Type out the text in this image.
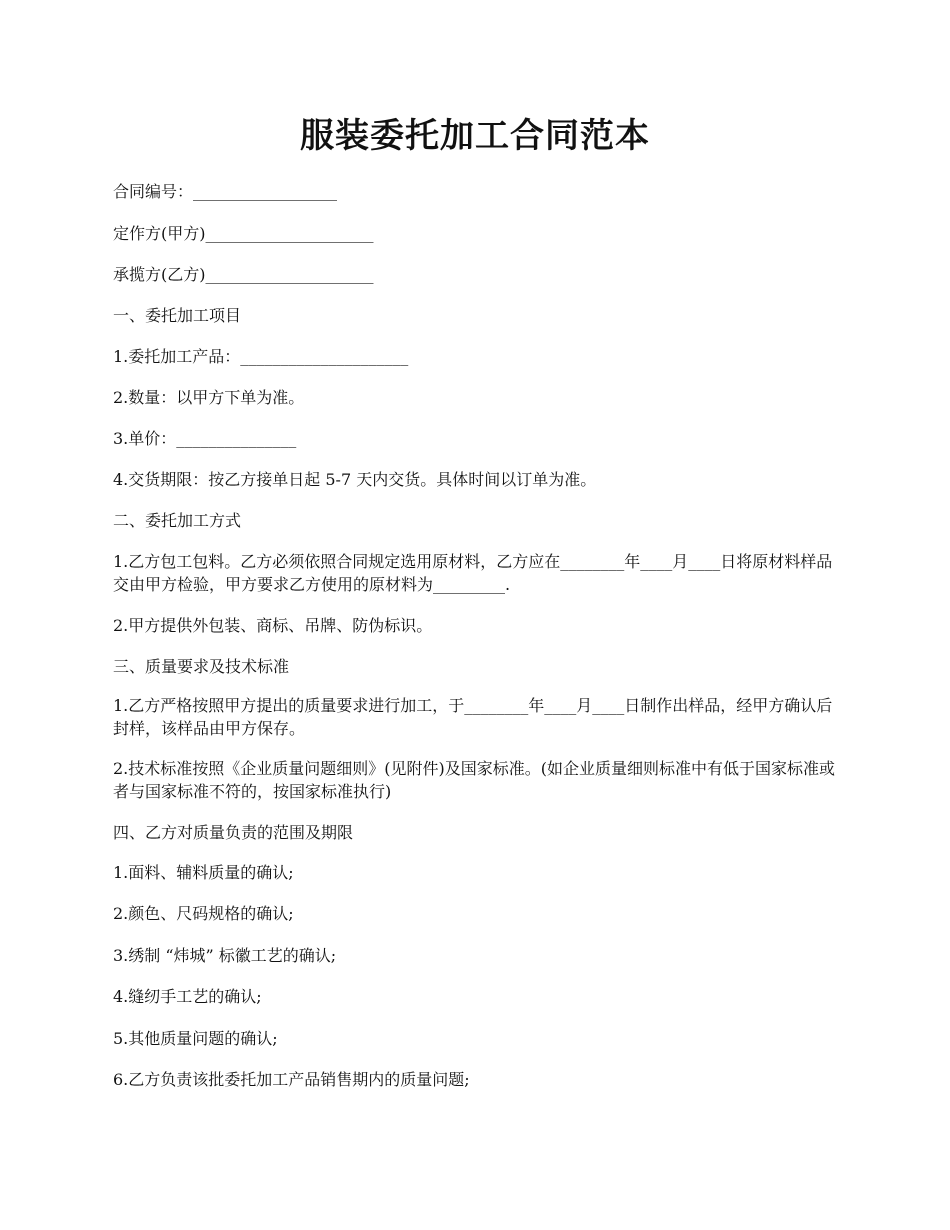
服装委托加工合同范本

合同编号：__________________

定作方(甲方)_____________________

承揽方(乙方)_____________________

一、委托加工项目

1.委托加工产品：_____________________

2.数量：以甲方下单为准。

3.单价：_______________

4.交货期限：按乙方接单日起 5-7 天内交货。具体时间以订单为准。

二、委托加工方式

1.乙方包工包料。乙方必须依照合同规定选用原材料，乙方应在________年____月____日将原材料样品交由甲方检验，甲方要求乙方使用的原材料为_________.

2.甲方提供外包装、商标、吊牌、防伪标识。

三、质量要求及技术标准

1.乙方严格按照甲方提出的质量要求进行加工，于________年____月____日制作出样品，经甲方确认后封样，该样品由甲方保存。

2.技术标准按照《企业质量问题细则》(见附件)及国家标准。(如企业质量细则标准中有低于国家标准或者与国家标准不符的，按国家标准执行)

四、乙方对质量负责的范围及期限

1.面料、辅料质量的确认;

2.颜色、尺码规格的确认;

3.绣制 “炜城” 标徽工艺的确认;

4.缝纫手工艺的确认;

5.其他质量问题的确认;

6.乙方负责该批委托加工产品销售期内的质量问题;
